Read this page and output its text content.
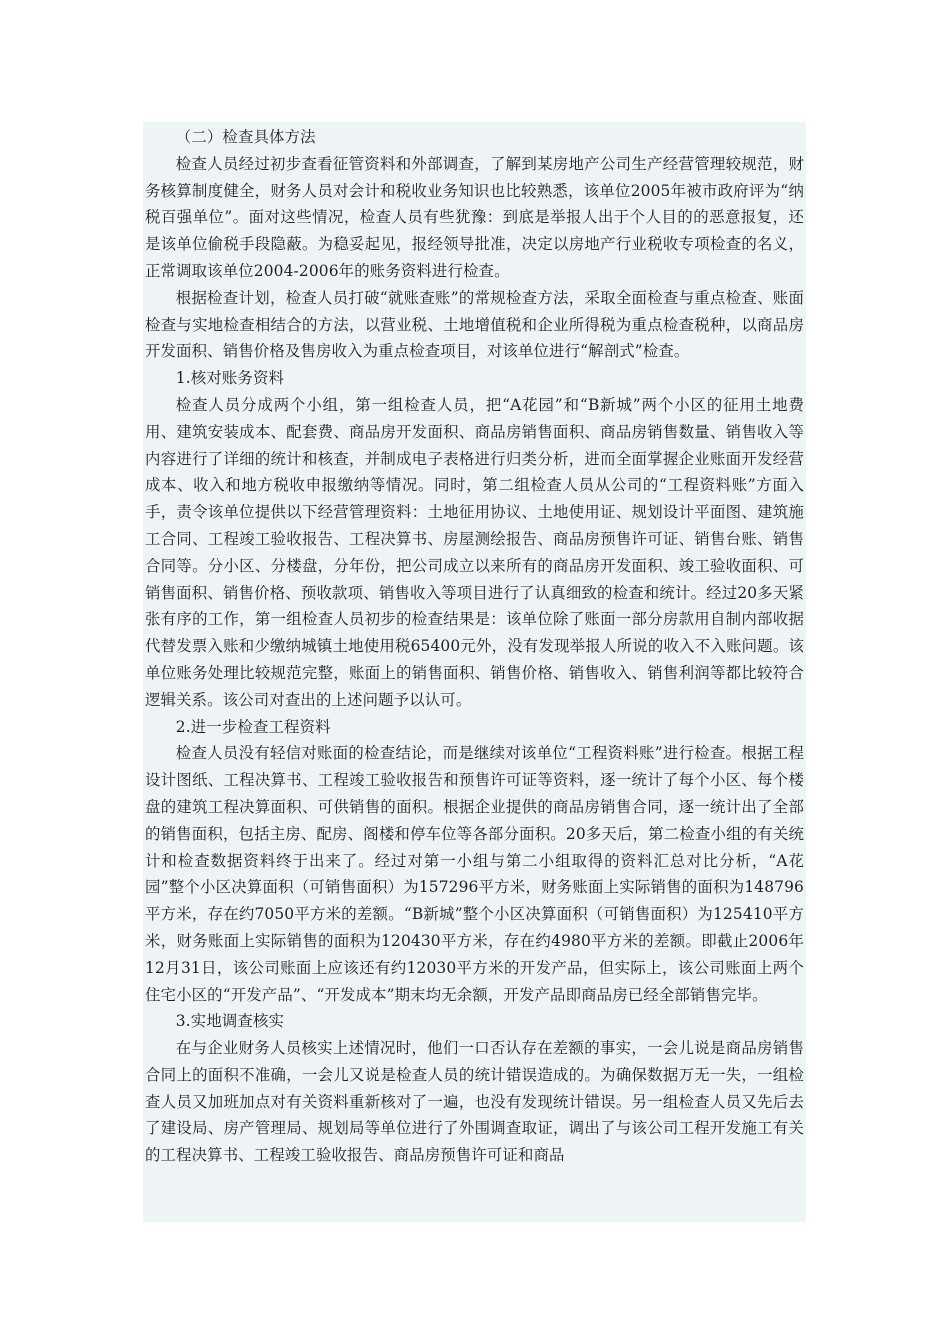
（二）检查具体方法

检查人员经过初步查看征管资料和外部调查，了解到某房地产公司生产经营管理较规范，财务核算制度健全，财务人员对会计和税收业务知识也比较熟悉，该单位2005年被市政府评为“纳税百强单位”。面对这些情况，检查人员有些犹豫：到底是举报人出于个人目的的恶意报复，还是该单位偷税手段隐蔽。为稳妥起见，报经领导批准，决定以房地产行业税收专项检查的名义，正常调取该单位2004-2006年的账务资料进行检查。

根据检查计划，检查人员打破“就账查账”的常规检查方法，采取全面检查与重点检查、账面检查与实地检查相结合的方法，以营业税、土地增值税和企业所得税为重点检查税种，以商品房开发面积、销售价格及售房收入为重点检查项目，对该单位进行“解剖式”检查。

1.核对账务资料

检查人员分成两个小组，第一组检查人员，把“A花园”和“B新城”两个小区的征用土地费用、建筑安装成本、配套费、商品房开发面积、商品房销售面积、商品房销售数量、销售收入等内容进行了详细的统计和核查，并制成电子表格进行归类分析，进而全面掌握企业账面开发经营成本、收入和地方税收申报缴纳等情况。同时，第二组检查人员从公司的“工程资料账”方面入手，责令该单位提供以下经营管理资料：土地征用协议、土地使用证、规划设计平面图、建筑施工合同、工程竣工验收报告、工程决算书、房屋测绘报告、商品房预售许可证、销售台账、销售合同等。分小区、分楼盘，分年份，把公司成立以来所有的商品房开发面积、竣工验收面积、可销售面积、销售价格、预收款项、销售收入等项目进行了认真细致的检查和统计。经过20多天紧张有序的工作，第一组检查人员初步的检查结果是：该单位除了账面一部分房款用自制内部收据代替发票入账和少缴纳城镇土地使用税65400元外，没有发现举报人所说的收入不入账问题。该单位账务处理比较规范完整，账面上的销售面积、销售价格、销售收入、销售利润等都比较符合逻辑关系。该公司对查出的上述问题予以认可。

2.进一步检查工程资料

检查人员没有轻信对账面的检查结论，而是继续对该单位“工程资料账”进行检查。根据工程设计图纸、工程决算书、工程竣工验收报告和预售许可证等资料，逐一统计了每个小区、每个楼盘的建筑工程决算面积、可供销售的面积。根据企业提供的商品房销售合同，逐一统计出了全部的销售面积，包括主房、配房、阁楼和停车位等各部分面积。20多天后，第二检查小组的有关统计和检查数据资料终于出来了。经过对第一小组与第二小组取得的资料汇总对比分析，“A花园”整个小区决算面积（可销售面积）为157296平方米，财务账面上实际销售的面积为148796平方米，存在约7050平方米的差额。“B新城”整个小区决算面积（可销售面积）为125410平方米，财务账面上实际销售的面积为120430平方米，存在约4980平方米的差额。即截止2006年12月31日，该公司账面上应该还有约12030平方米的开发产品，但实际上，该公司账面上两个住宅小区的“开发产品”、“开发成本”期末均无余额，开发产品即商品房已经全部销售完毕。

3.实地调查核实

在与企业财务人员核实上述情况时，他们一口否认存在差额的事实，一会儿说是商品房销售合同上的面积不准确，一会儿又说是检查人员的统计错误造成的。为确保数据万无一失，一组检查人员又加班加点对有关资料重新核对了一遍，也没有发现统计错误。另一组检查人员又先后去了建设局、房产管理局、规划局等单位进行了外围调查取证，调出了与该公司工程开发施工有关的工程决算书、工程竣工验收报告、商品房预售许可证和商品
